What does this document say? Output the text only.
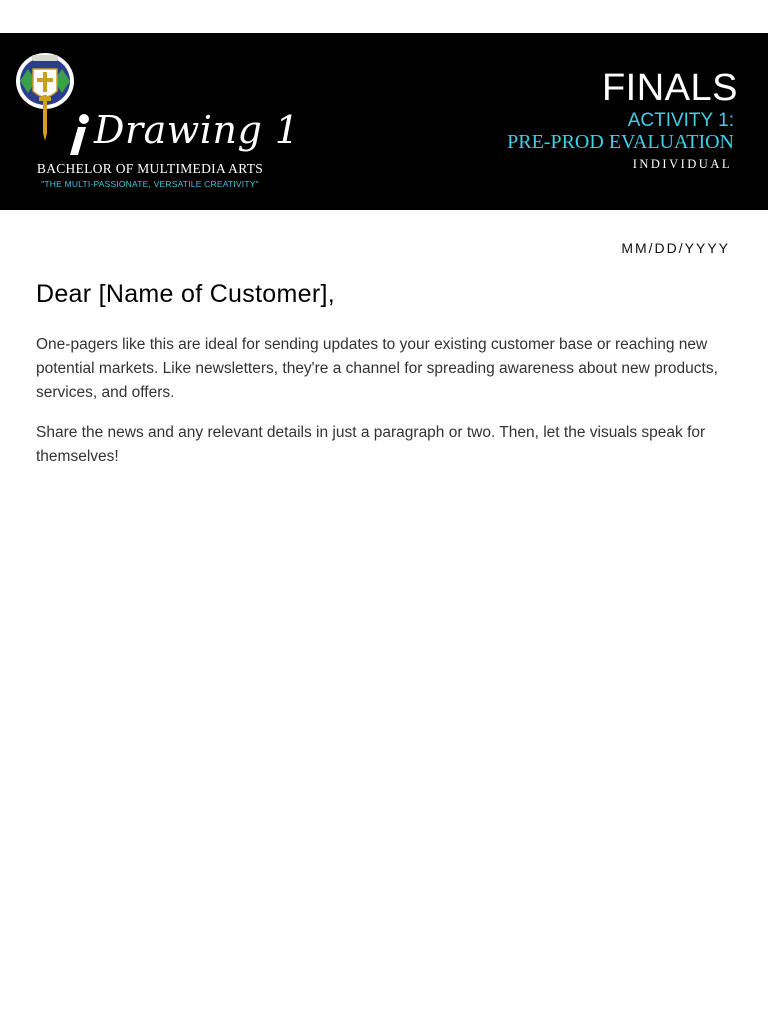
Drawing 1
BACHELOR OF MULTIMEDIA ARTS
"THE MULTI-PASSIONATE, VERSATILE CREATIVITY"
FINALS
ACTIVITY 1:
PRE-PROD EVALUATION
INDIVIDUAL
MM/DD/YYYY
Dear [Name of Customer],

One-pagers like this are ideal for sending updates to your existing customer base or reaching new potential markets. Like newsletters, they're a channel for spreading awareness about new products, services, and offers.

Share the news and any relevant details in just a paragraph or two. Then, let the visuals speak for themselves!
